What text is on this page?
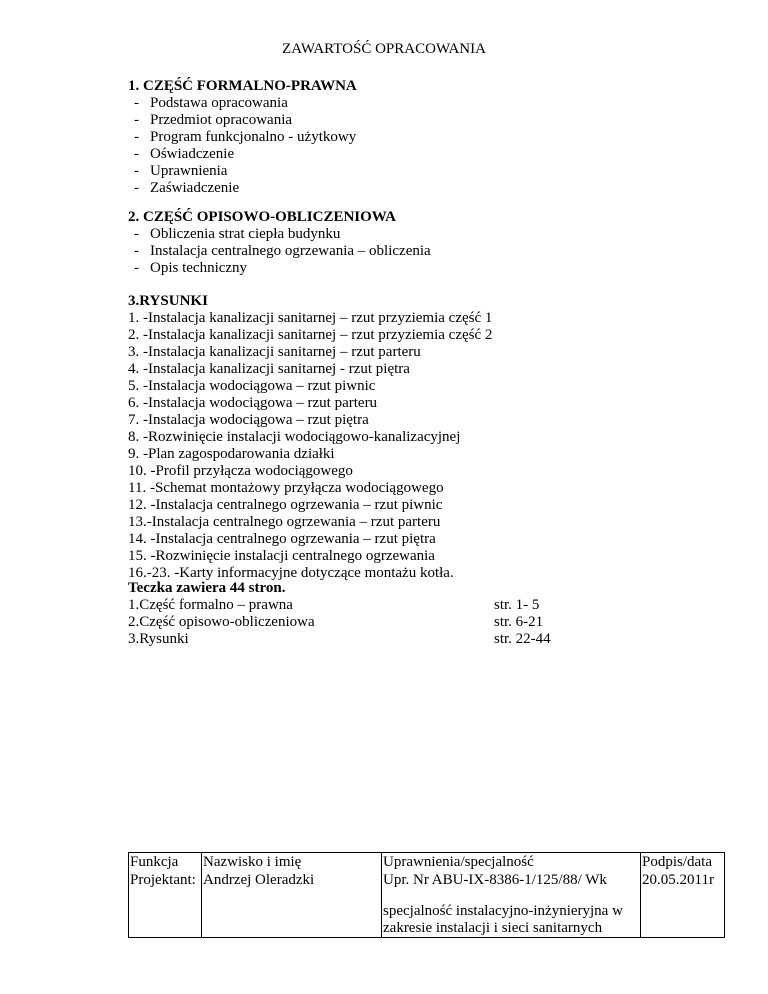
ZAWARTOŚĆ OPRACOWANIA
1. CZĘŚĆ FORMALNO-PRAWNA
- Podstawa opracowania
- Przedmiot opracowania
- Program funkcjonalno - użytkowy
- Oświadczenie
- Uprawnienia
- Zaświadczenie
2. CZĘŚĆ OPISOWO-OBLICZENIOWA
- Obliczenia strat ciepła budynku
- Instalacja centralnego ogrzewania – obliczenia
- Opis techniczny
3.RYSUNKI
1. -Instalacja kanalizacji sanitarnej – rzut przyziemia część 1
2. -Instalacja kanalizacji sanitarnej – rzut przyziemia część 2
3. -Instalacja kanalizacji sanitarnej – rzut parteru
4. -Instalacja kanalizacji sanitarnej - rzut piętra
5. -Instalacja wodociągowa – rzut piwnic
6. -Instalacja wodociągowa – rzut parteru
7. -Instalacja wodociągowa – rzut piętra
8. -Rozwinięcie instalacji wodociągowo-kanalizacyjnej
9. -Plan zagospodarowania działki
10. -Profil przyłącza wodociągowego
11. -Schemat montażowy przyłącza wodociągowego
12. -Instalacja centralnego ogrzewania – rzut piwnic
13.-Instalacja centralnego ogrzewania – rzut parteru
14. -Instalacja centralnego ogrzewania – rzut piętra
15. -Rozwinięcie instalacji centralnego ogrzewania
16.-23. -Karty informacyjne dotyczące montażu kotła.
Teczka zawiera 44 stron.
1.Część formalno – prawna	str. 1- 5
2.Część opisowo-obliczeniowa	str. 6-21
3.Rysunki	str. 22-44
Funkcja	Nazwisko i imię	Uprawnienia/specjalność	Podpis/data
Projektant:	Andrzej Oleradzki	Upr. Nr ABU-IX-8386-1/125/88/ Wk	20.05.2011r

		specjalność instalacyjno-inżynieryjna w
zakresie instalacji i sieci sanitarnych	
